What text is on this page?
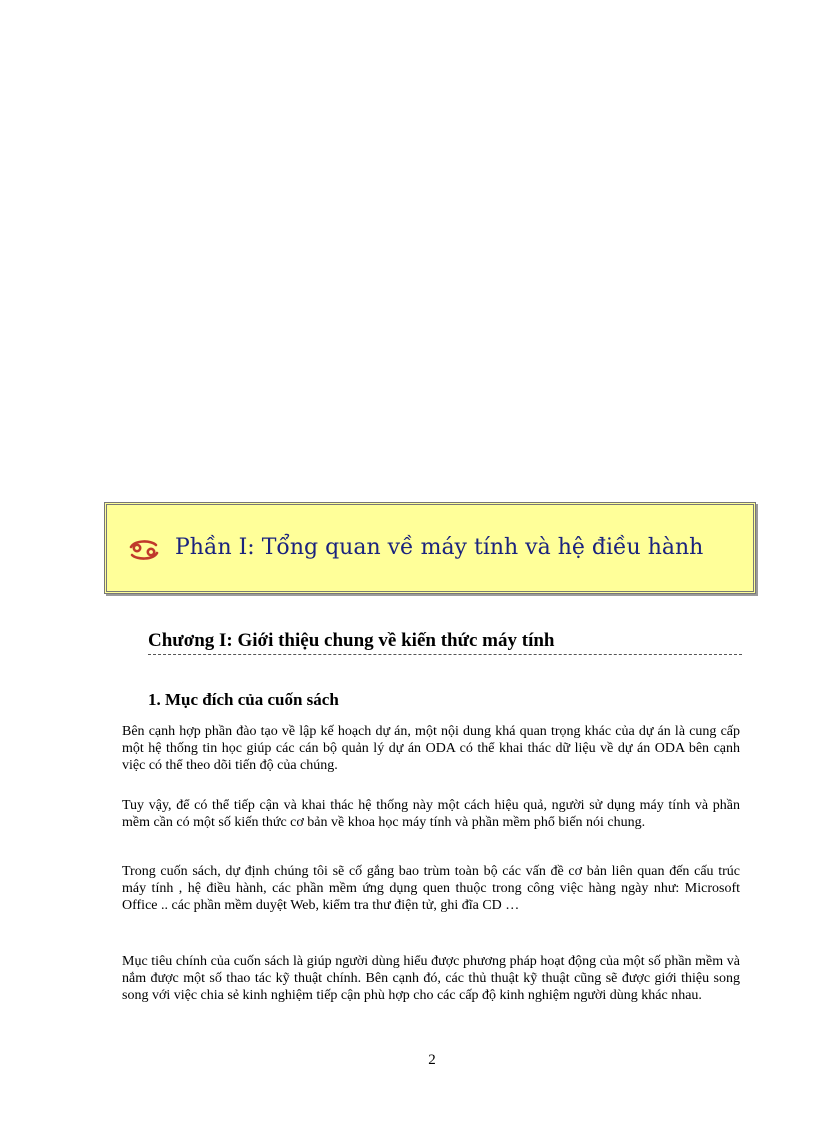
Phần I: Tổng quan về máy tính và hệ điều hành
Chương I: Giới thiệu chung về kiến thức máy tính
1. Mục đích của cuốn sách

Bên cạnh hợp phần đào tạo về lập kế hoạch dự án, một nội dung khá quan trọng khác của dự án là cung cấp một hệ thống tin học giúp các cán bộ quản lý dự án ODA có thể khai thác dữ liệu về dự án ODA bên cạnh việc có thể theo dõi tiến độ của chúng.

Tuy vậy, để có thể tiếp cận và khai thác hệ thống này một cách hiệu quả, người sử dụng máy tính và phần mềm cần có một số kiến thức cơ bản về khoa học máy tính và phần mềm phổ biến nói chung.

Trong cuốn sách, dự định chúng tôi sẽ cố gắng bao trùm toàn bộ các vấn đề cơ bản liên quan đến cấu trúc máy tính , hệ điều hành, các phần mềm ứng dụng quen thuộc trong công việc hàng ngày như: Microsoft Office .. các phần mềm duyệt Web, kiểm tra thư điện tử, ghi đĩa CD …

Mục tiêu chính của cuốn sách là giúp người dùng hiểu được phương pháp hoạt động của một số phần mềm và nắm được một số thao tác kỹ thuật chính. Bên cạnh đó, các thủ thuật kỹ thuật cũng sẽ được giới thiệu song song với việc chia sẻ kinh nghiệm tiếp cận phù hợp cho các cấp độ kinh nghiệm người dùng khác nhau.

2
